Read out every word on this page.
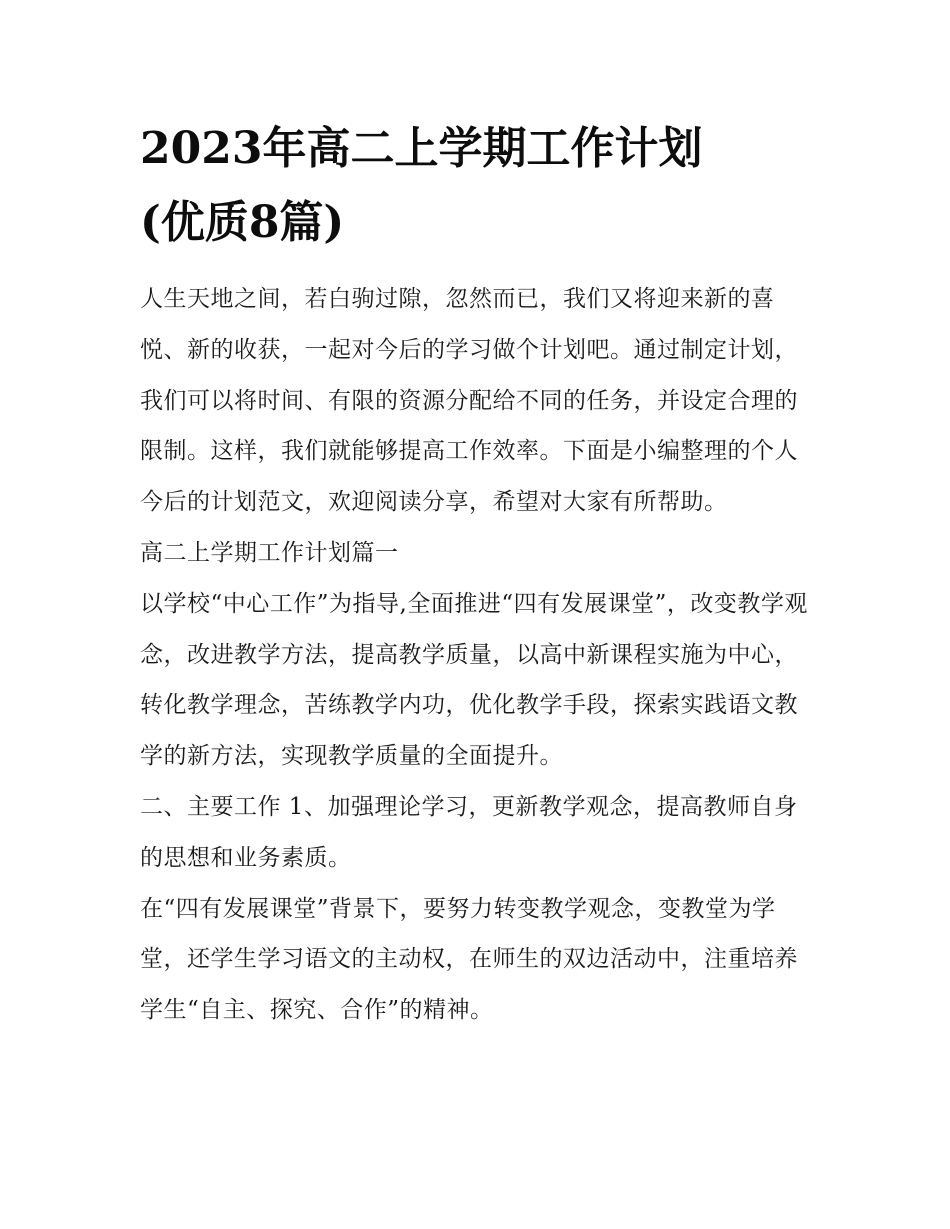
2023年高二上学期工作计划
(优质8篇)

人生天地之间，若白驹过隙，忽然而已，我们又将迎来新的喜悦、新的收获，一起对今后的学习做个计划吧。通过制定计划，我们可以将时间、有限的资源分配给不同的任务，并设定合理的限制。这样，我们就能够提高工作效率。下面是小编整理的个人今后的计划范文，欢迎阅读分享，希望对大家有所帮助。

高二上学期工作计划篇一

以学校“中心工作”为指导,全面推进“四有发展课堂”，改变教学观念，改进教学方法，提高教学质量，以高中新课程实施为中心，转化教学理念，苦练教学内功，优化教学手段，探索实践语文教学的新方法，实现教学质量的全面提升。

二、主要工作 1、加强理论学习，更新教学观念，提高教师自身的思想和业务素质。

在“四有发展课堂”背景下，要努力转变教学观念，变教堂为学堂，还学生学习语文的主动权，在师生的双边活动中，注重培养学生“自主、探究、合作”的精神。
